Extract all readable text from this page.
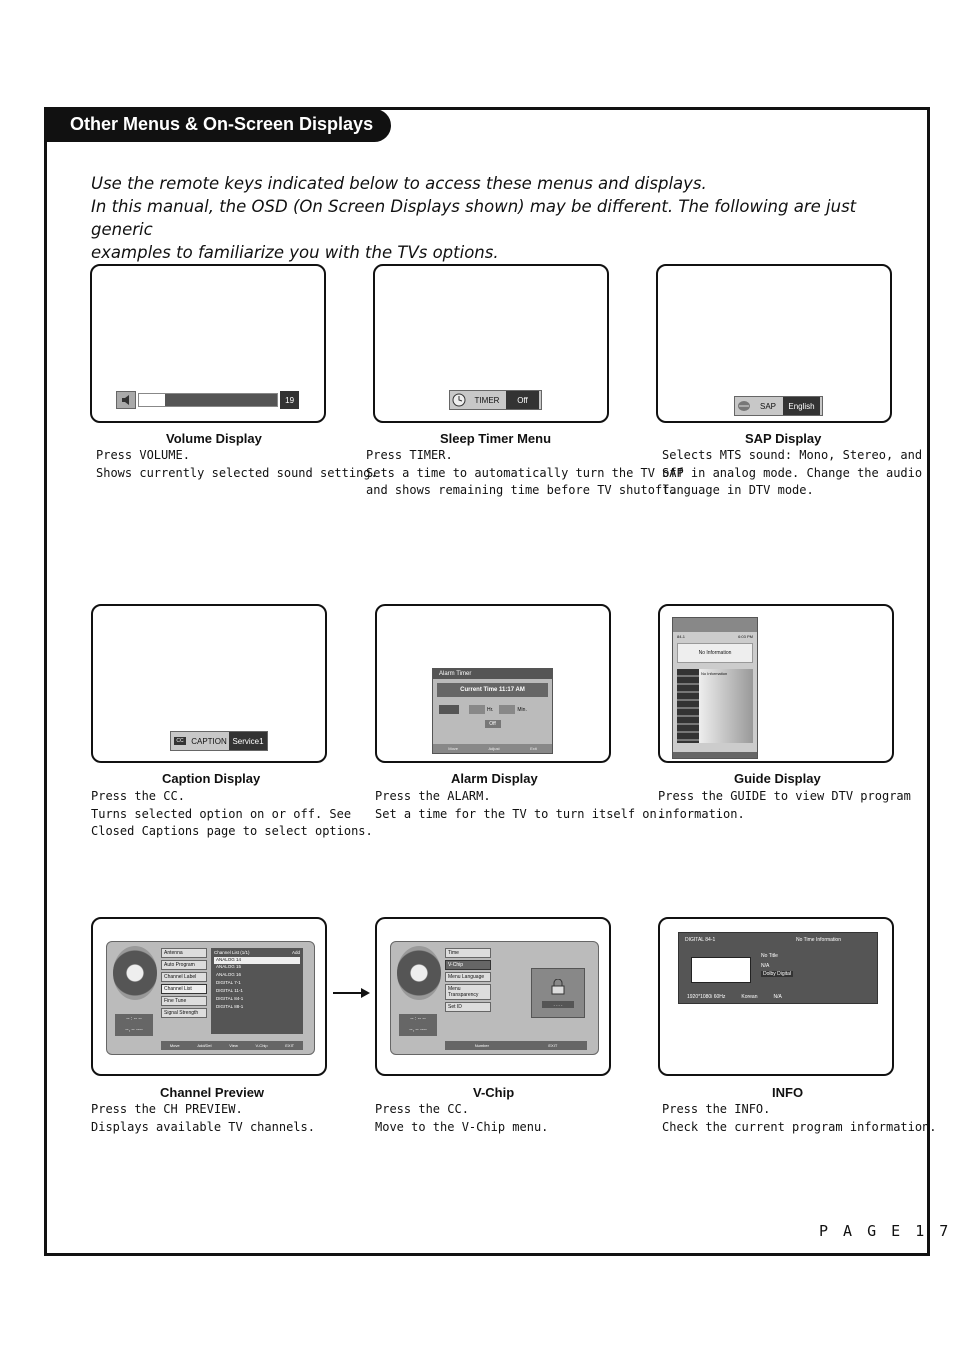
Other Menus & On-Screen Displays

Use the remote keys indicated below to access these menus and displays.

In this manual, the OSD (On Screen Displays shown) may be different. The following are just generic

examples to familiarize you with the TVs options.

19
Volume Display
Press VOLUME.
Shows currently selected sound setting.
TIMER	Off
Sleep Timer Menu
Press TIMER.
Sets a time to automatically turn the TV off
and shows remaining time before TV shutoff.
SAP	English
SAP Display
Selects MTS sound: Mono, Stereo, and
SAP in analog mode. Change the audio
language in DTV mode.
CC CAPTION Service1
Caption Display
Press the CC.
Turns selected option on or off. See
Closed Captions page to select options.
Alarm Timer
Current Time 11:17 AM
Hr.	Min.
Off
Move	Adjust	Exit
Alarm Display
Press the ALARM.
Set a time for the TV to turn itself on.
84-1	6:03 PM
No Information
No Information
Guide Display
Press the GUIDE to view DTV program
information.
-- : -- --
--, -- ----
Antenna
Auto Program
Channel Label
Channel List
Fine Tune
Signal Strength
Channel List (1/1)	Add
ANALOG 14
ANALOG 15
ANALOG 16
DIGITAL 7-1
DIGITAL 11-1
DIGITAL 84-1
DIGITAL 88-1
Move	Add/Del	View	V-Chip	EXIT
Channel Preview
Press the CH PREVIEW.
Displays available TV channels.
-- : -- --
--, -- ----
Time
V-Chip
Menu Language
Menu Transparency
Set ID	- - - -
Number	EXIT
V-Chip
Press the CC.
Move to the V-Chip menu.
DIGITAL 84-1	No Time Information
No Title
N/A
Dolby Digital
1920*1080i 60Hz	Korean	N/A
INFO
Press the INFO.
Check the current program information.
P A G E 1 7
